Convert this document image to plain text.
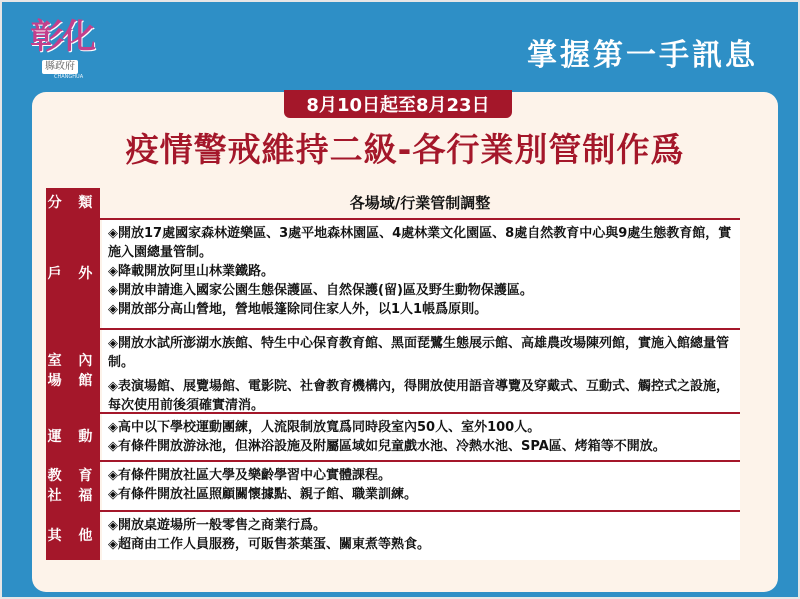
彰化
縣政府
CHANGHUA
掌握第一手訊息
8月10日起至8月23日
疫情警戒維持二級-各行業別管制作爲
分 類	各場域/行業管制調整
戶 外
◈開放17處國家森林遊樂區、3處平地森林園區、4處林業文化園區、8處自然教育中心與9處生態教育館，實施入園總量管制。
◈降載開放阿里山林業鐵路。
◈開放申請進入國家公園生態保護區、自然保護(留)區及野生動物保護區。
◈開放部分高山營地，營地帳篷除同住家人外，以1人1帳爲原則。
室 內
場 館
◈開放水試所澎湖水族館、特生中心保育教育館、黑面琵鷺生態展示館、高雄農改場陳列館，實施入館總量管制。
◈表演場館、展覽場館、電影院、社會教育機構內，得開放使用語音導覽及穿戴式、互動式、觸控式之設施，每次使用前後須確實清消。
運 動
◈高中以下學校運動團練，人流限制放寬爲同時段室內50人、室外100人。
◈有條件開放游泳池，但淋浴設施及附屬區域如兒童戲水池、冷熱水池、SPA區、烤箱等不開放。
教 育
社 福
◈有條件開放社區大學及樂齡學習中心實體課程。
◈有條件開放社區照顧關懷據點、親子館、職業訓練。
其 他
◈開放桌遊場所一般零售之商業行爲。
◈超商由工作人員服務，可販售茶葉蛋、關東煮等熟食。
